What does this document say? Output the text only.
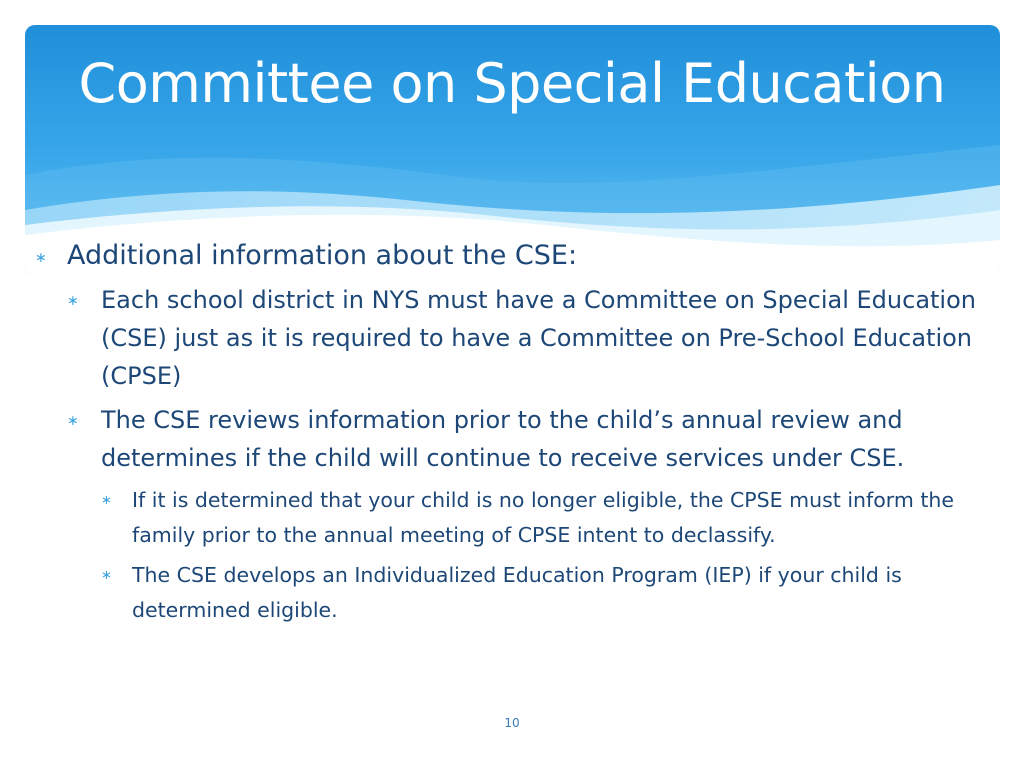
Committee on Special Education
∗ Additional information about the CSE:
∗ Each school district in NYS must have a Committee on Special Education (CSE) just as it is required to have a Committee on Pre-School Education (CPSE)
∗ The CSE reviews information prior to the child’s annual review and determines if the child will continue to receive services under CSE.
∗ If it is determined that your child is no longer eligible, the CPSE must inform the family prior to the annual meeting of CPSE intent to declassify.
∗ The CSE develops an Individualized Education Program (IEP) if your child is determined eligible.
10
